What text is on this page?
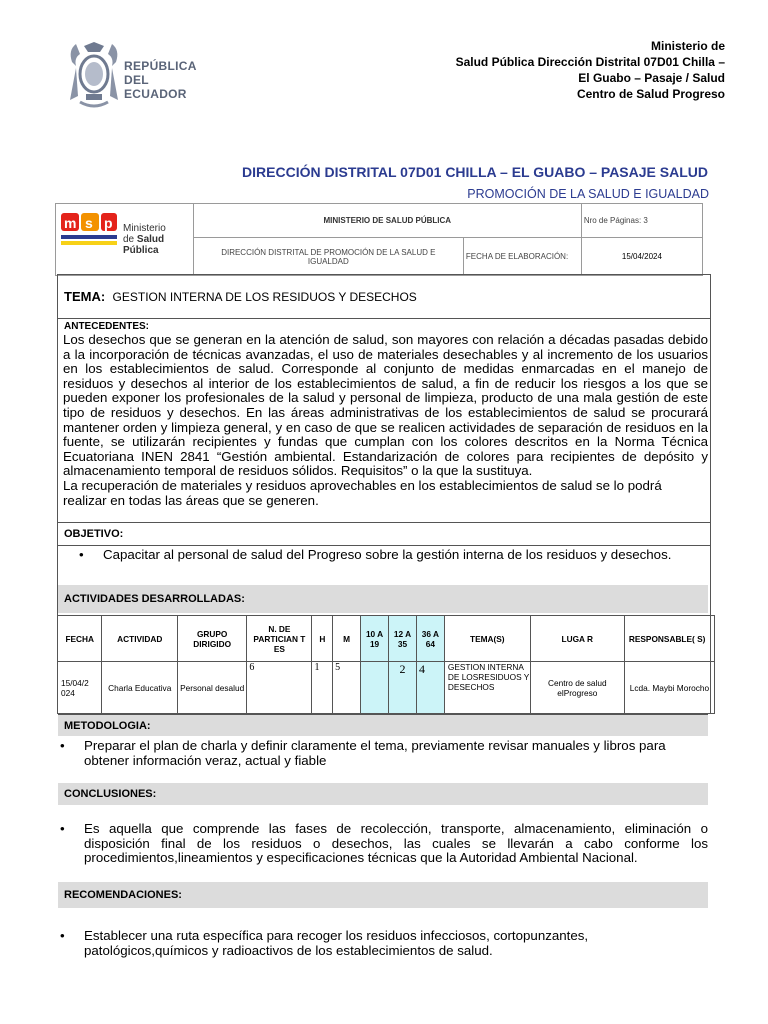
REPÚBLICA
DEL ECUADOR
Ministerio de
Salud Pública Dirección Distrital 07D01 Chilla –
El Guabo – Pasaje / Salud
Centro de Salud Progreso
DIRECCIÓN DISTRITAL 07D01 CHILLA – EL GUABO – PASAJE SALUD
PROMOCIÓN DE LA SALUD E IGUALDAD
m s p Ministerio
de Salud Pública	MINISTERIO DE SALUD PÚBLICA		Nro de Páginas: 3
	DIRECCIÓN DISTRITAL DE PROMOCIÓN DE LA SALUD E IGUALDAD	FECHA DE ELABORACIÓN:	15/04/2024
TEMA: GESTION INTERNA DE LOS RESIDUOS Y DESECHOS
ANTECEDENTES:
Los desechos que se generan en la atención de salud, son mayores con relación a décadas pasadas debido a la incorporación de técnicas avanzadas, el uso de materiales desechables y al incremento de los usuarios en los establecimientos de salud. Corresponde al conjunto de medidas enmarcadas en el manejo de residuos y desechos al interior de los establecimientos de salud, a fin de reducir los riesgos a los que se pueden exponer los profesionales de la salud y personal de limpieza, producto de una mala gestión de este tipo de residuos y desechos. En las áreas administrativas de los establecimientos de salud se procurará mantener orden y limpieza general, y en caso de que se realicen actividades de separación de residuos en la fuente, se utilizarán recipientes y fundas que cumplan con los colores descritos en la Norma Técnica Ecuatoriana INEN 2841 “Gestión ambiental. Estandarización de colores para recipientes de depósito y almacenamiento temporal de residuos sólidos. Requisitos” o la que la sustituya.
La recuperación de materiales y residuos aprovechables en los establecimientos de salud se lo podrá realizar en todas las áreas que se generen.
OBJETIVO:
• Capacitar al personal de salud del Progreso sobre la gestión interna de los residuos y desechos.
ACTIVIDADES DESARROLLADAS:
FECHA	ACTIVIDAD	GRUPO DIRIGIDO	N. DE PARTICIAN T ES	H	M	10 A 19	12 A 35	36 A 64	TEMA(S)	LUGA R	RESPONSABLE( S)
15/04/2 024	Charla Educativa	Personal desalud	6	1	5		2	4	GESTION INTERNA DE LOSRESIDUOS Y DESECHOS	Centro de salud elProgreso	Lcda. Maybi Morocho
METODOLOGIA:
• Preparar el plan de charla y definir claramente el tema, previamente revisar manuales y libros para obtener información veraz, actual y fiable
CONCLUSIONES:
• Es aquella que comprende las fases de recolección, transporte, almacenamiento, eliminación o disposición final de los residuos o desechos, las cuales se llevarán a cabo conforme los procedimientos,lineamientos y especificaciones técnicas que la Autoridad Ambiental Nacional.
RECOMENDACIONES:
• Establecer una ruta específica para recoger los residuos infecciosos, cortopunzantes, patológicos,químicos y radioactivos de los establecimientos de salud.
